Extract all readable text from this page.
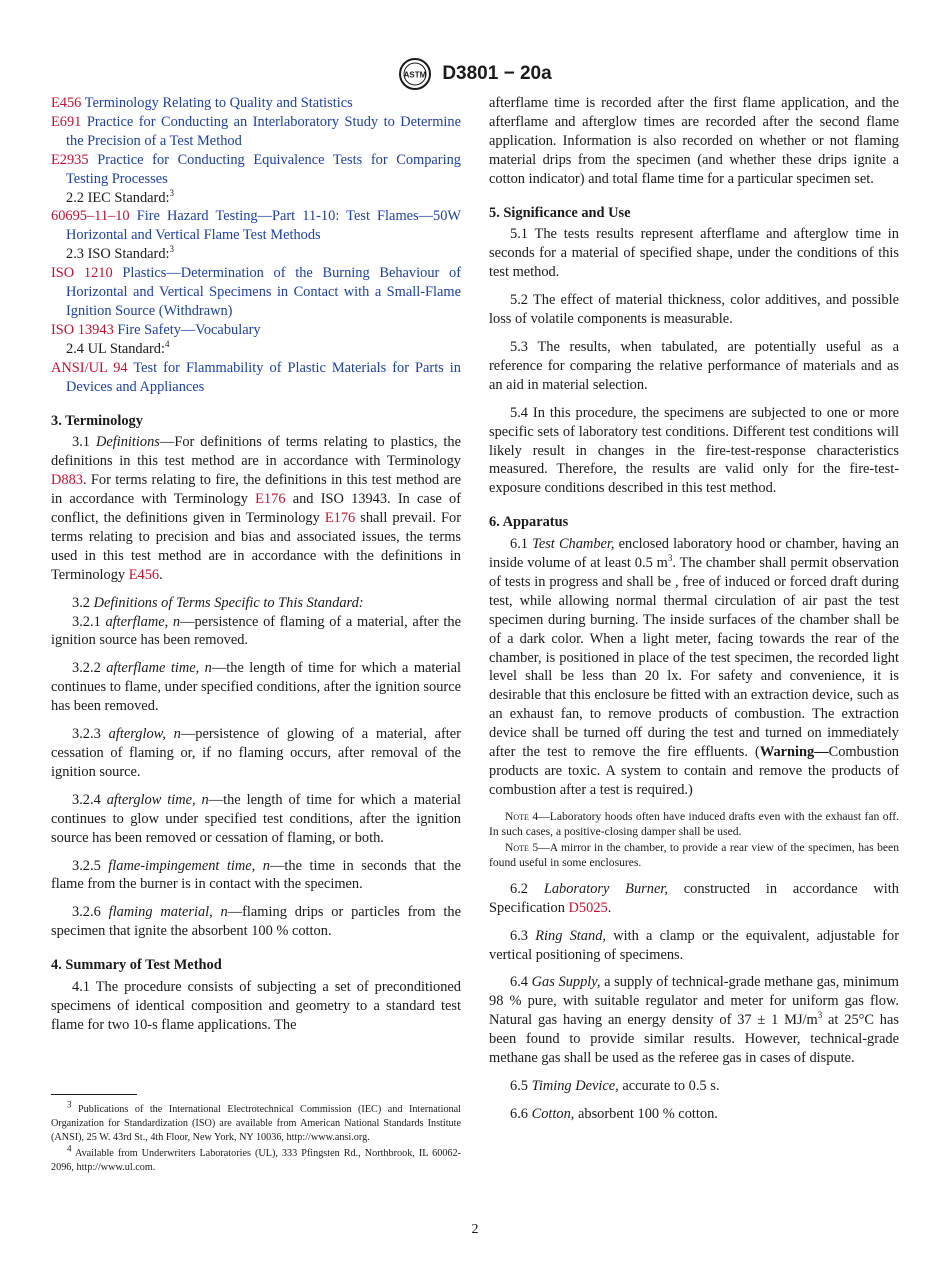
ASTM D3801 − 20a
E456 Terminology Relating to Quality and Statistics
E691 Practice for Conducting an Interlaboratory Study to Determine the Precision of a Test Method
E2935 Practice for Conducting Equivalence Tests for Comparing Testing Processes
2.2 IEC Standard:$^3$
60695–11–10 Fire Hazard Testing—Part 11-10: Test Flames—50W Horizontal and Vertical Flame Test Methods
2.3 ISO Standard:$^3$
ISO 1210 Plastics—Determination of the Burning Behaviour of Horizontal and Vertical Specimens in Contact with a Small-Flame Ignition Source (Withdrawn)
ISO 13943 Fire Safety—Vocabulary
2.4 UL Standard:$^4$
ANSI/UL 94 Test for Flammability of Plastic Materials for Parts in Devices and Appliances
3. Terminology

3.1 Definitions—For definitions of terms relating to plastics, the definitions in this test method are in accordance with Terminology D883. For terms relating to fire, the definitions in this test method are in accordance with Terminology E176 and ISO 13943. In case of conflict, the definitions given in Terminology E176 shall prevail. For terms relating to precision and bias and associated issues, the terms used in this test method are in accordance with the definitions in Terminology E456.

3.2 Definitions of Terms Specific to This Standard:

3.2.1 afterflame, n—persistence of flaming of a material, after the ignition source has been removed.

3.2.2 afterflame time, n—the length of time for which a material continues to flame, under specified conditions, after the ignition source has been removed.

3.2.3 afterglow, n—persistence of glowing of a material, after cessation of flaming or, if no flaming occurs, after removal of the ignition source.

3.2.4 afterglow time, n—the length of time for which a material continues to glow under specified test conditions, after the ignition source has been removed or cessation of flaming, or both.

3.2.5 flame-impingement time, n—the time in seconds that the flame from the burner is in contact with the specimen.

3.2.6 flaming material, n—flaming drips or particles from the specimen that ignite the absorbent 100 % cotton.

4. Summary of Test Method

4.1 The procedure consists of subjecting a set of preconditioned specimens of identical composition and geometry to a standard test flame for two 10-s flame applications. The

$^3$ Publications of the International Electrotechnical Commission (IEC) and International Organization for Standardization (ISO) are available from American National Standards Institute (ANSI), 25 W. 43rd St., 4th Floor, New York, NY 10036, http://www.ansi.org.
$^4$ Available from Underwriters Laboratories (UL), 333 Pfingsten Rd., Northbrook, IL 60062-2096, http://www.ul.com.

afterflame time is recorded after the first flame application, and the afterflame and afterglow times are recorded after the second flame application. Information is also recorded on whether or not flaming material drips from the specimen (and whether these drips ignite a cotton indicator) and total flame time for a particular specimen set.

5. Significance and Use

5.1 The tests results represent afterflame and afterglow time in seconds for a material of specified shape, under the conditions of this test method.

5.2 The effect of material thickness, color additives, and possible loss of volatile components is measurable.

5.3 The results, when tabulated, are potentially useful as a reference for comparing the relative performance of materials and as an aid in material selection.

5.4 In this procedure, the specimens are subjected to one or more specific sets of laboratory test conditions. Different test conditions will likely result in changes in the fire-test-response characteristics measured. Therefore, the results are valid only for the fire-test-exposure conditions described in this test method.

6. Apparatus

6.1 Test Chamber, enclosed laboratory hood or chamber, having an inside volume of at least 0.5 $m^3$. The chamber shall permit observation of tests in progress and shall be , free of induced or forced draft during test, while allowing normal thermal circulation of air past the test specimen during burning. The inside surfaces of the chamber shall be of a dark color. When a light meter, facing towards the rear of the chamber, is positioned in place of the test specimen, the recorded light level shall be less than 20 lx. For safety and convenience, it is desirable that this enclosure be fitted with an extraction device, such as an exhaust fan, to remove products of combustion. The extraction device shall be turned off during the test and turned on immediately after the test to remove the fire effluents. (Warning—Combustion products are toxic. A system to contain and remove the products of combustion after a test is required.)

Note 4—Laboratory hoods often have induced drafts even with the exhaust fan off. In such cases, a positive-closing damper shall be used.
Note 5—A mirror in the chamber, to provide a rear view of the specimen, has been found useful in some enclosures.

6.2 Laboratory Burner, constructed in accordance with Specification D5025.

6.3 Ring Stand, with a clamp or the equivalent, adjustable for vertical positioning of specimens.

6.4 Gas Supply, a supply of technical-grade methane gas, minimum 98 % pure, with suitable regulator and meter for uniform gas flow. Natural gas having an energy density of 37 ± 1 $MJ/m^3$ at 25°C has been found to provide similar results. However, technical-grade methane gas shall be used as the referee gas in cases of dispute.

6.5 Timing Device, accurate to 0.5 s.

6.6 Cotton, absorbent 100 % cotton.

2
